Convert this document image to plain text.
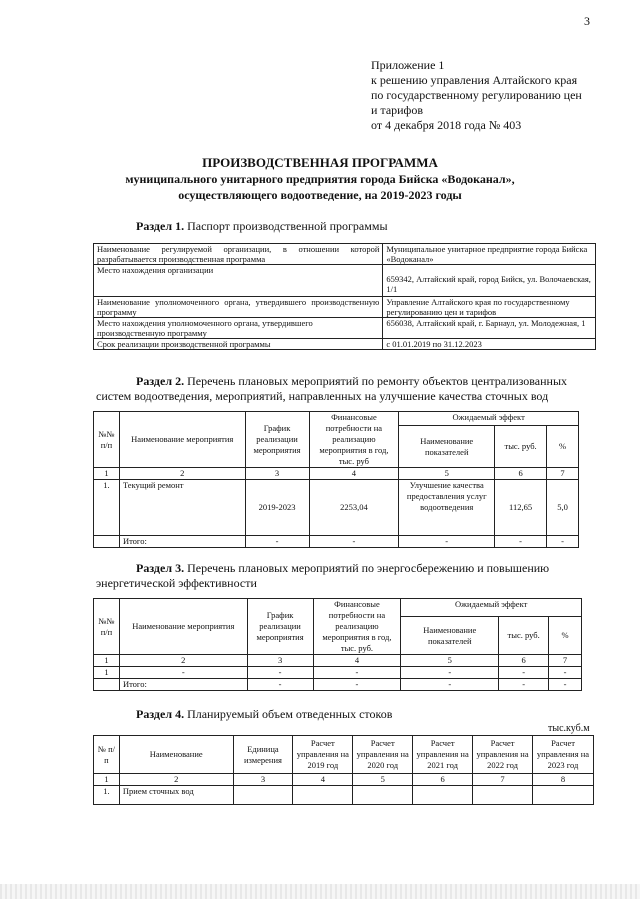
3
Приложение 1
к решению управления Алтайского края
по государственному регулированию цен
и тарифов
от 4 декабря 2018 года № 403
ПРОИЗВОДСТВЕННАЯ ПРОГРАММА
муниципального унитарного предприятия города Бийска «Водоканал»,
осуществляющего водоотведение, на 2019-2023 годы
Раздел 1. Паспорт производственной программы
Наименование регулируемой организации, в отношении которой разрабатывается производственная программа	Муниципальное унитарное предприятие города Бийска «Водоканал»
Место нахождения организации	659342, Алтайский край, город Бийск, ул. Волочаевская, 1/1
Наименование уполномоченного органа, утвердившего производственную программу	Управление Алтайского края по государственному регулированию цен и тарифов
Место нахождения уполномоченного органа, утвердившего производственную программу	656038, Алтайский край, г. Барнаул, ул. Молодежная, 1
Срок реализации производственной программы	с 01.01.2019 по 31.12.2023
Раздел 2. Перечень плановых мероприятий по ремонту объектов централизованных
систем водоотведения, мероприятий, направленных на улучшение качества сточных вод
№№ п/п	Наименование мероприятия	График реализации мероприятия	Финансовые потребности на реализацию мероприятия в год, тыс. руб	Ожидаемый эффект		
				Наименование показателей	тыс. руб.	%
1	2	3	4	5	6	7
1.	Текущий ремонт	2019-2023	2253,04	Улучшение качества предоставления услуг водоотведения	112,65	5,0
	Итого:	-	-	-	-	-
Раздел 3. Перечень плановых мероприятий по энергосбережению и повышению
энергетической эффективности
№№ п/п	Наименование мероприятия	График реализации мероприятия	Финансовые потребности на реализацию мероприятия в год, тыс. руб.	Ожидаемый эффект		
				Наименование показателей	тыс. руб.	%
1	2	3	4	5	6	7
1	-	-	-	-	-	-
	Итого:	-	-	-	-	-
Раздел 4. Планируемый объем отведенных стоков
тыс.куб.м
№ п/п	Наименование	Единица измерения	Расчет управления на 2019 год	Расчет управления на 2020 год	Расчет управления на 2021 год	Расчет управления на 2022 год	Расчет управления на 2023 год
1	2	3	4	5	6	7	8
1.	Прием сточных вод						
